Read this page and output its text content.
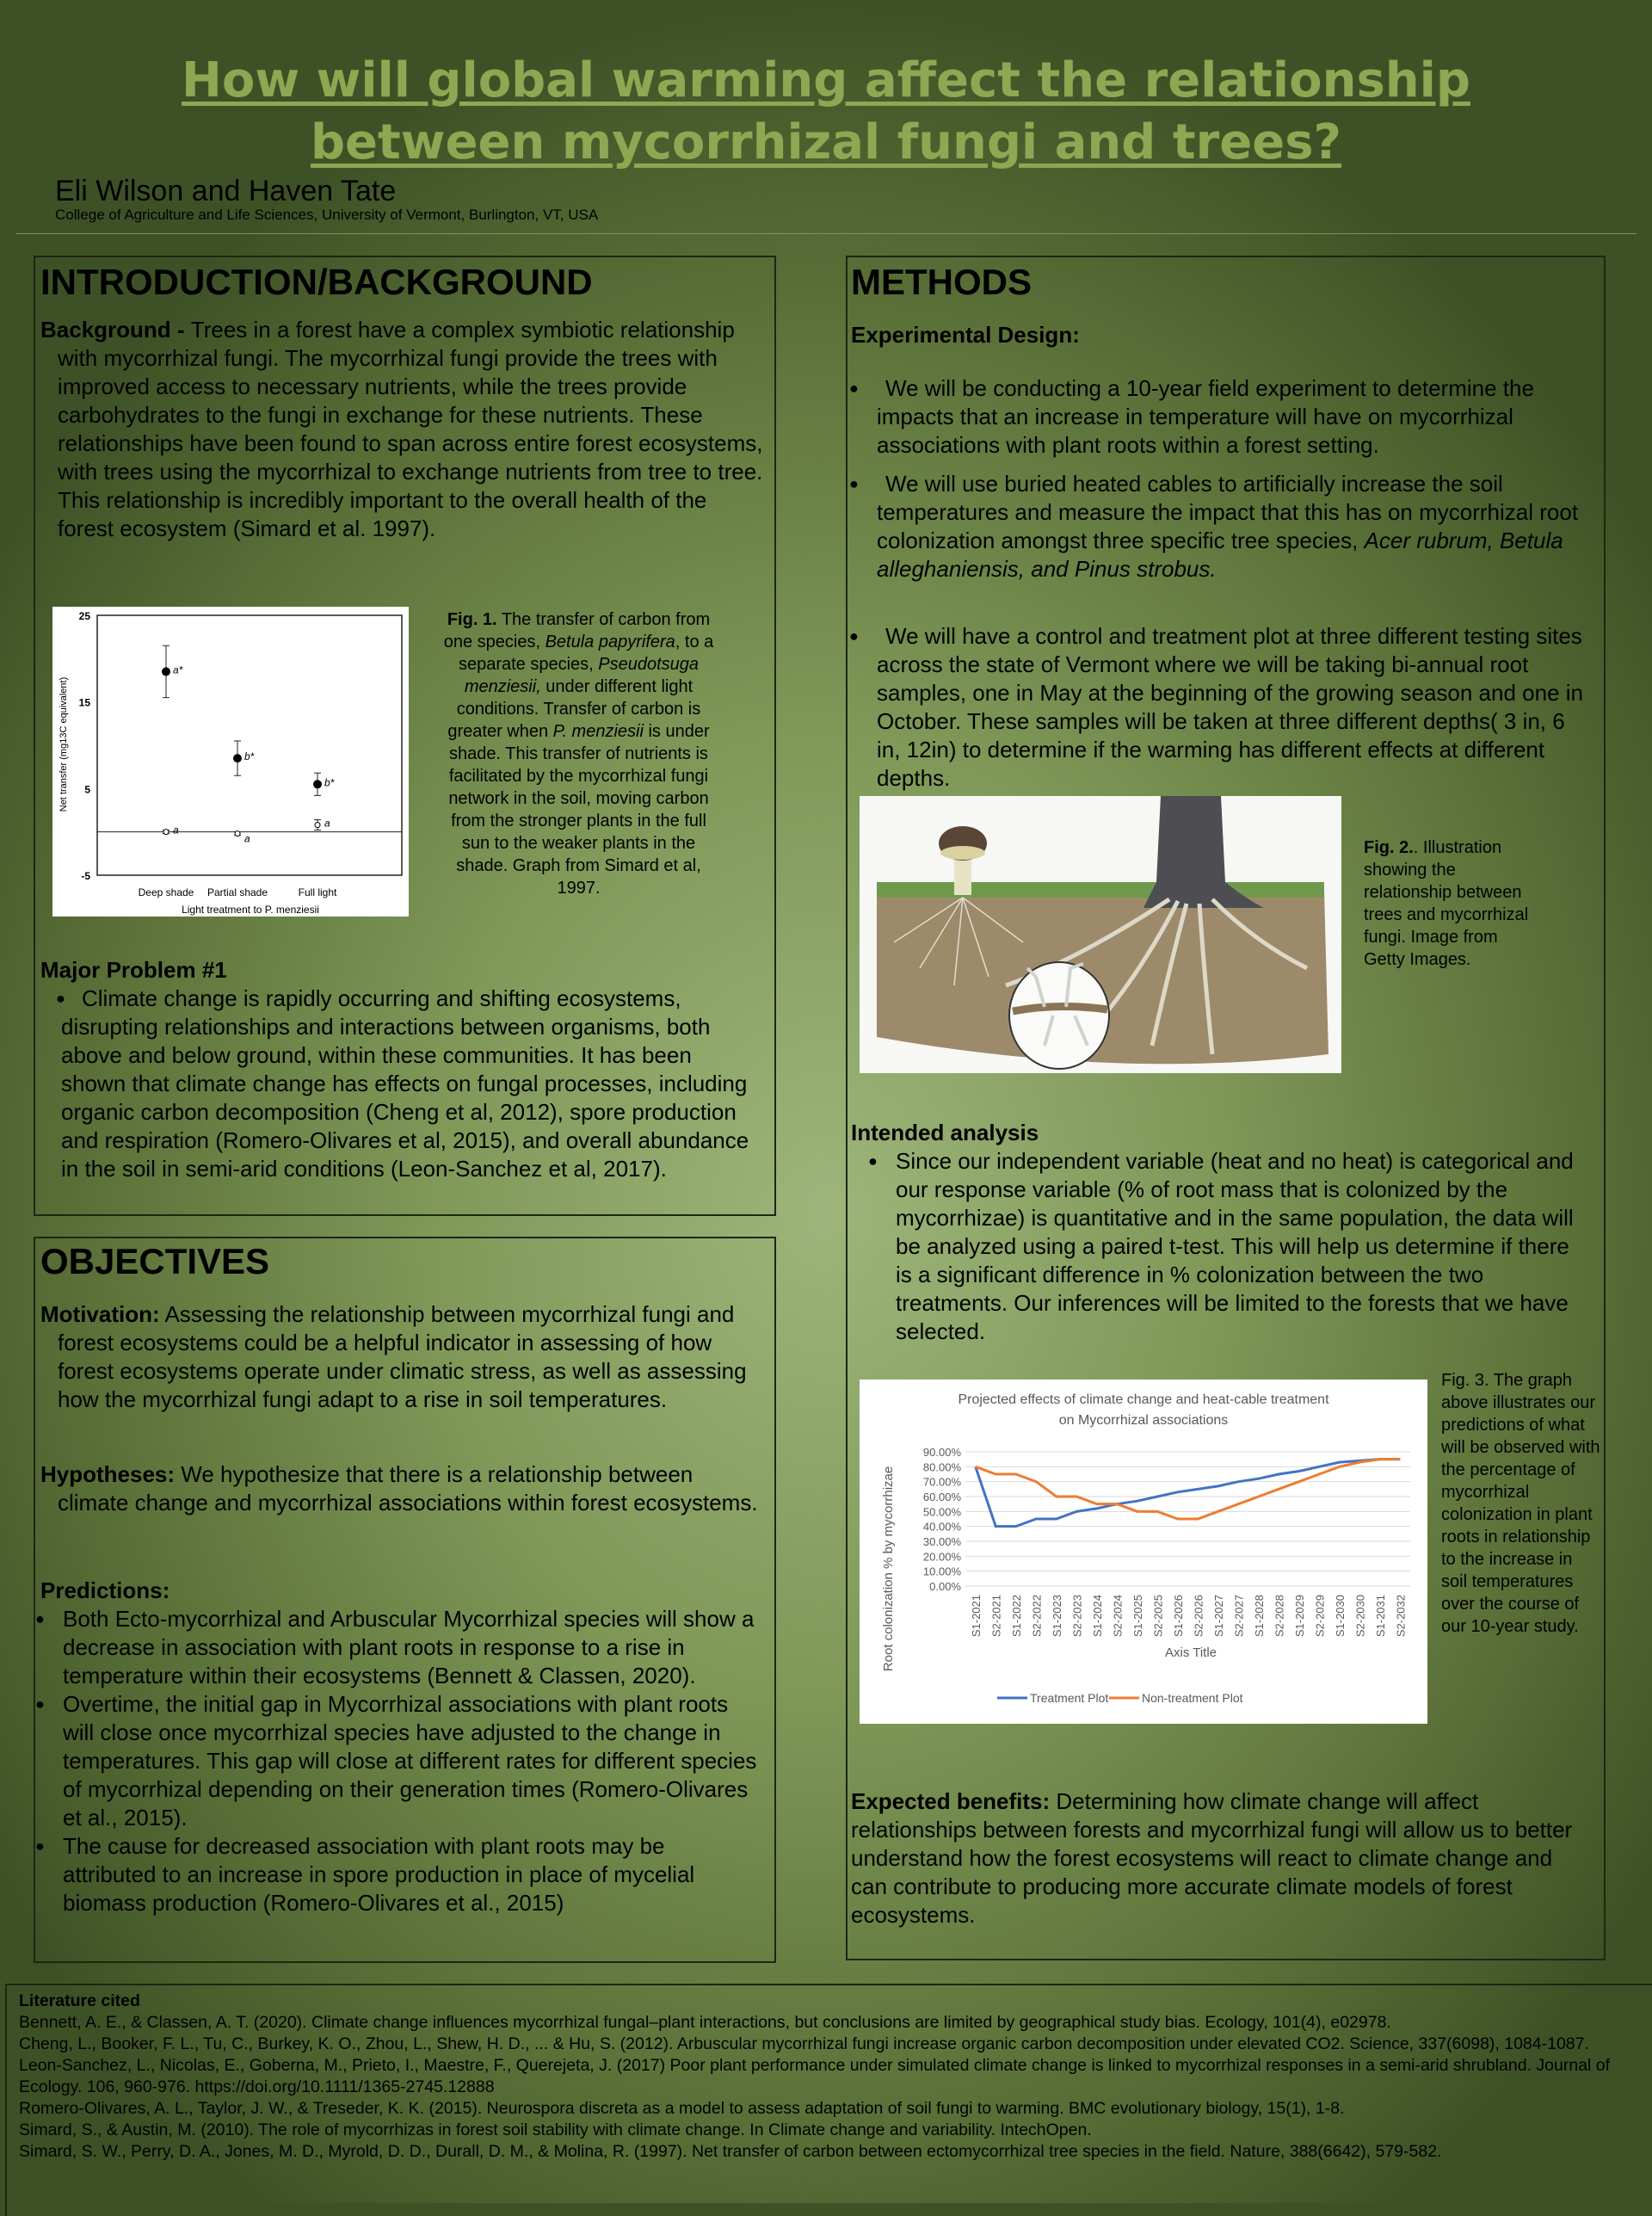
How will global warming affect the relationship
between mycorrhizal fungi and trees?
Eli Wilson and Haven Tate
College of Agriculture and Life Sciences, University of Vermont, Burlington, VT, USA
INTRODUCTION/BACKGROUND

Background - Trees in a forest have a complex symbiotic relationship with mycorrhizal fungi. The mycorrhizal fungi provide the trees with improved access to necessary nutrients, while the trees provide carbohydrates to the fungi in exchange for these nutrients. These relationships have been found to span across entire forest ecosystems, with trees using the mycorrhizal to exchange nutrients from tree to tree. This relationship is incredibly important to the overall health of the forest ecosystem (Simard et al. 1997).

25
15
5
-5
Deep shade Partial shade	Full light
Light treatment to P. menziesii
Net transfer (mg13C equivalent)
a*
b*
b*
a
a
a

Fig. 1. The transfer of carbon from one species, Betula papyrifera, to a separate species, Pseudotsuga menziesii, under different light conditions. Transfer of carbon is greater when P. menziesii is under shade. This transfer of nutrients is facilitated by the mycorrhizal fungi network in the soil, moving carbon from the stronger plants in the full sun to the weaker plants in the shade. Graph from Simard et al, 1997.

Major Problem #1
● Climate change is rapidly occurring and shifting ecosystems, disrupting relationships and interactions between organisms, both above and below ground, within these communities. It has been shown that climate change has effects on fungal processes, including organic carbon decomposition (Cheng et al, 2012), spore production and respiration (Romero-Olivares et al, 2015), and overall abundance in the soil in semi-arid conditions (Leon-Sanchez et al, 2017).
OBJECTIVES

Motivation: Assessing the relationship between mycorrhizal fungi and forest ecosystems could be a helpful indicator in assessing of how forest ecosystems operate under climatic stress, as well as assessing how the mycorrhizal fungi adapt to a rise in soil temperatures.

Hypotheses: We hypothesize that there is a relationship between climate change and mycorrhizal associations within forest ecosystems.

Predictions:
● Both Ecto-mycorrhizal and Arbuscular Mycorrhizal species will show a decrease in association with plant roots in response to a rise in temperature within their ecosystems (Bennett & Classen, 2020).
● Overtime, the initial gap in Mycorrhizal associations with plant roots will close once mycorrhizal species have adjusted to the change in temperatures. This gap will close at different rates for different species of mycorrhizal depending on their generation times (Romero-Olivares et al., 2015).
● The cause for decreased association with plant roots may be attributed to an increase in spore production in place of mycelial biomass production (Romero-Olivares et al., 2015)
METHODS
Experimental Design:
● We will be conducting a 10-year field experiment to determine the impacts that an increase in temperature will have on mycorrhizal associations with plant roots within a forest setting.
● We will use buried heated cables to artificially increase the soil temperatures and measure the impact that this has on mycorrhizal root colonization amongst three specific tree species, Acer rubrum, Betula alleghaniensis, and Pinus strobus.
● We will have a control and treatment plot at three different testing sites across the state of Vermont where we will be taking bi-annual root samples, one in May at the beginning of the growing season and one in October. These samples will be taken at three different depths( 3 in, 6 in, 12in) to determine if the warming has different effects at different depths.

Fig. 2.. Illustration showing the relationship between trees and mycorrhizal fungi. Image from Getty Images.

Intended analysis
● Since our independent variable (heat and no heat) is categorical and our response variable (% of root mass that is colonized by the mycorrhizae) is quantitative and in the same population, the data will be analyzed using a paired t-test. This will help us determine if there is a significant difference in % colonization between the two treatments. Our inferences will be limited to the forests that we have selected.
Projected effects of climate change and heat-cable treatment
on Mycorrhizal associations
0.00%
10.00%
20.00%
30.00%
40.00%
50.00%
60.00%
70.00%
80.00%
90.00%
S1-2021 S2-2021 S1-2022 S2-2022 S1-2023 S2-2023 S1-2024 S2-2024 S1-2025 S2-2025 S1-2026 S2-2026 S1-2027 S2-2027 S1-2028 S2-2028 S1-2029 S2-2029 S1-2030 S2-2030 S1-2031 S2-2032
Axis Title
Root colonization % by mycorrhizae
Treatment Plot	Non-treatment Plot

Fig. 3. The graph above illustrates our predictions of what will be observed with the percentage of mycorrhizal colonization in plant roots in relationship to the increase in soil temperatures over the course of our 10-year study.

Expected benefits: Determining how climate change will affect relationships between forests and mycorrhizal fungi will allow us to better understand how the forest ecosystems will react to climate change and can contribute to producing more accurate climate models of forest ecosystems.

Literature cited

Bennett, A. E., & Classen, A. T. (2020). Climate change influences mycorrhizal fungal–plant interactions, but conclusions are limited by geographical study bias. Ecology, 101(4), e02978.

Cheng, L., Booker, F. L., Tu, C., Burkey, K. O., Zhou, L., Shew, H. D., ... & Hu, S. (2012). Arbuscular mycorrhizal fungi increase organic carbon decomposition under elevated CO2. Science, 337(6098), 1084-1087.

Leon-Sanchez, L., Nicolas, E., Goberna, M., Prieto, I., Maestre, F., Querejeta, J. (2017) Poor plant performance under simulated climate change is linked to mycorrhizal responses in a semi-arid shrubland. Journal of Ecology. 106, 960-976. https://doi.org/10.1111/1365-2745.12888

Romero-Olivares, A. L., Taylor, J. W., & Treseder, K. K. (2015). Neurospora discreta as a model to assess adaptation of soil fungi to warming. BMC evolutionary biology, 15(1), 1-8.

Simard, S., & Austin, M. (2010). The role of mycorrhizas in forest soil stability with climate change. In Climate change and variability. IntechOpen.

Simard, S. W., Perry, D. A., Jones, M. D., Myrold, D. D., Durall, D. M., & Molina, R. (1997). Net transfer of carbon between ectomycorrhizal tree species in the field. Nature, 388(6642), 579-582.
